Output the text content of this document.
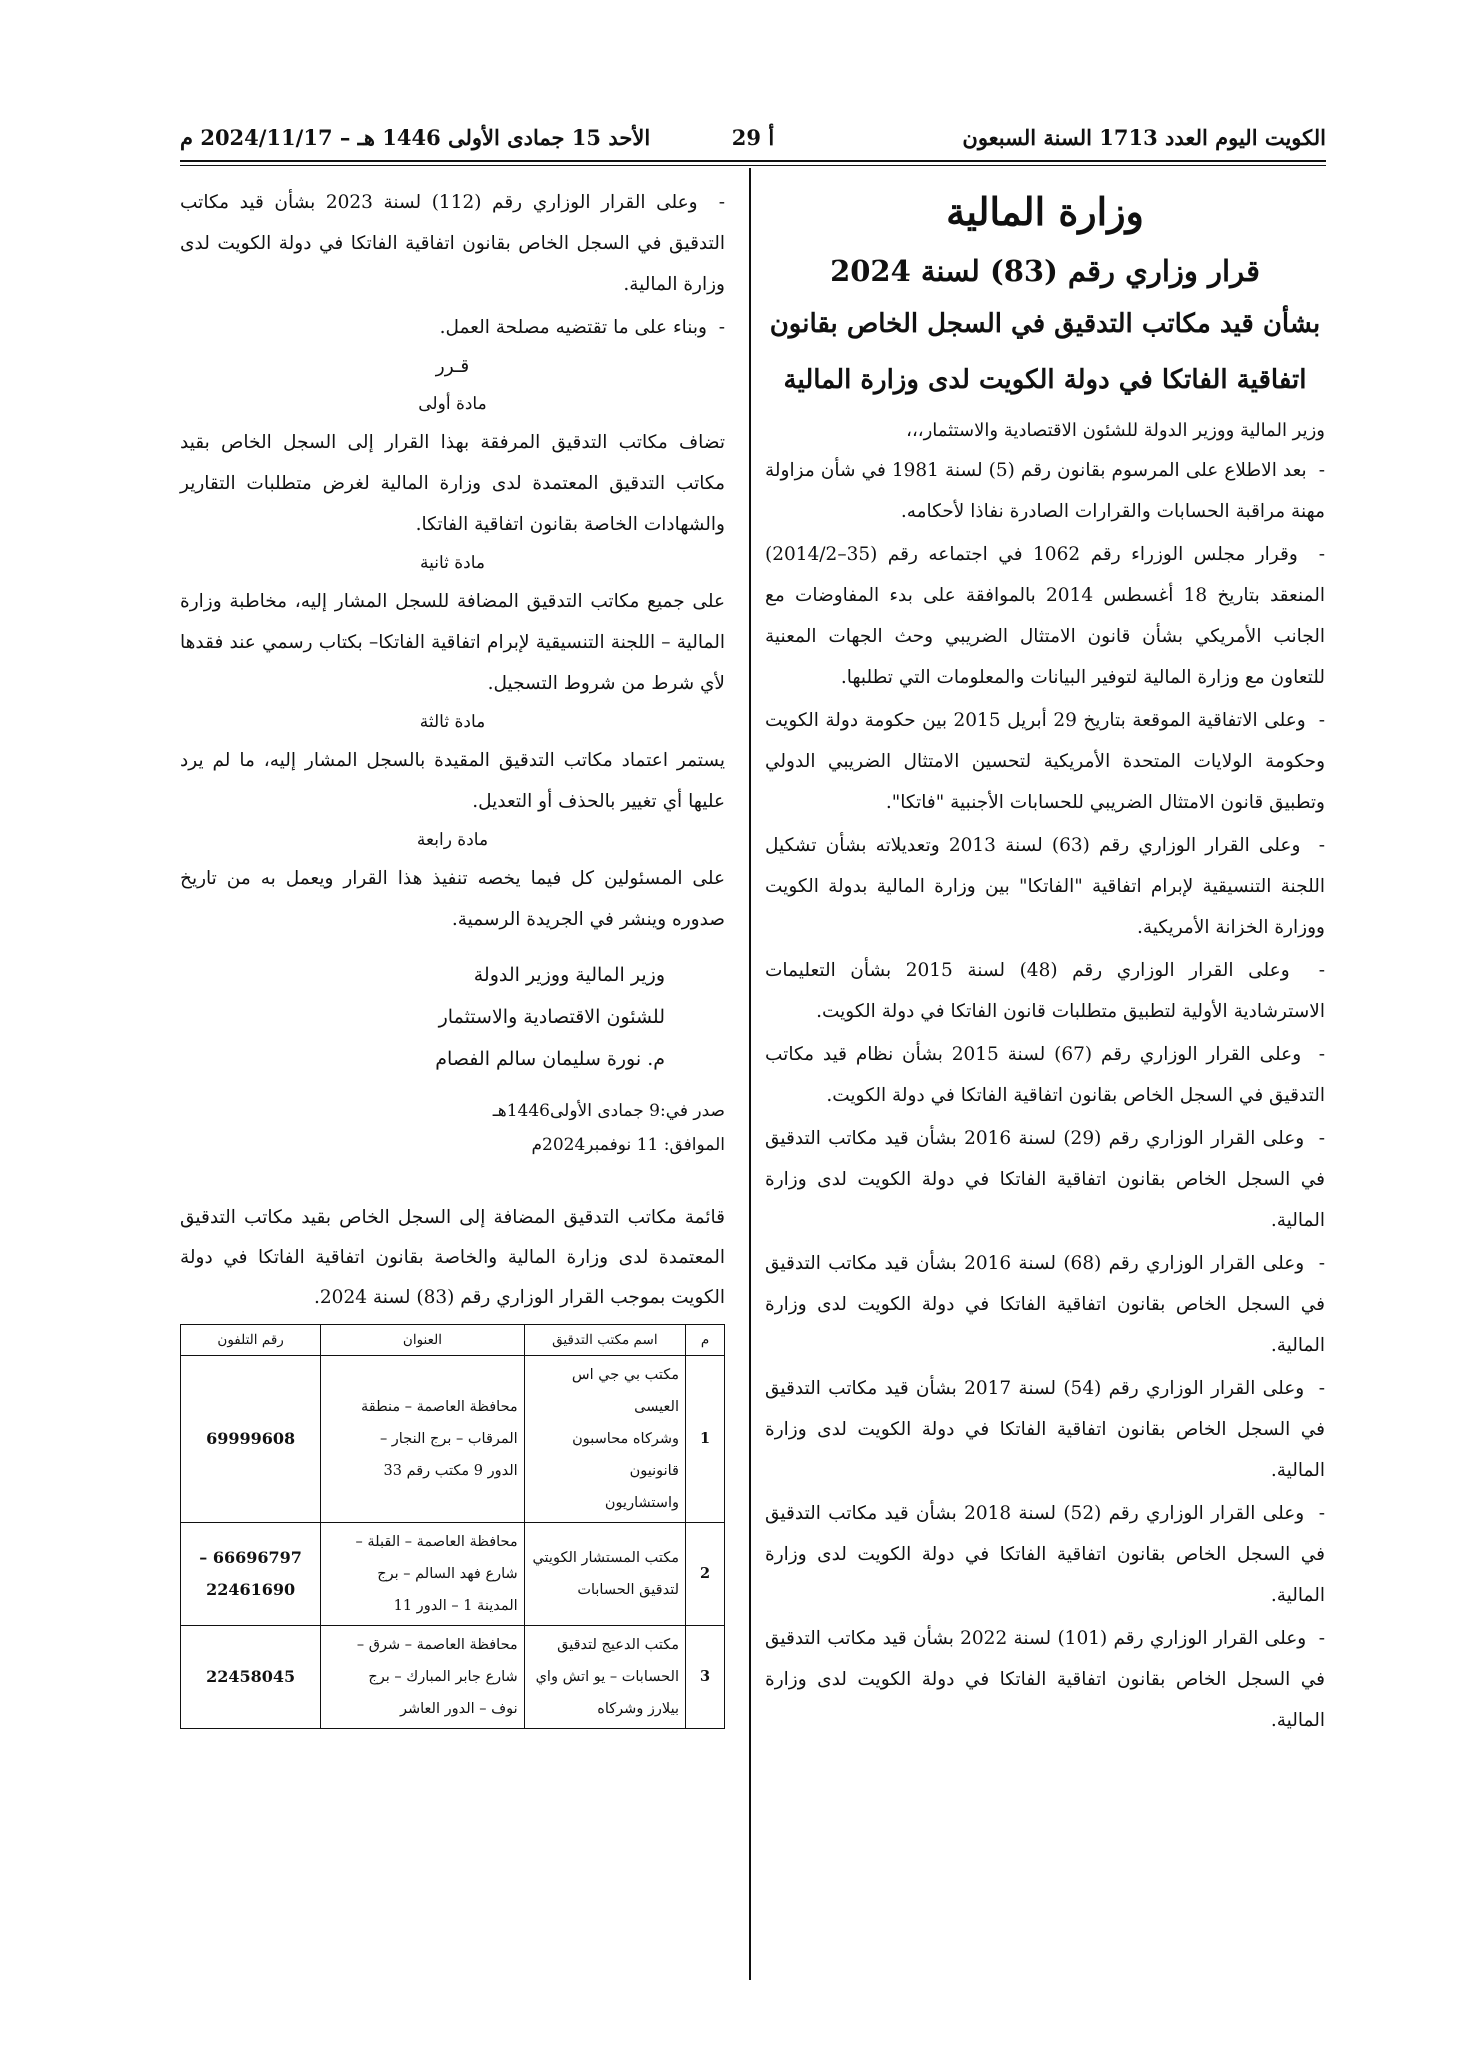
الكويت اليوم العدد 1713 السنة السبعون
أ 29
الأحد 15 جمادى الأولى 1446 هـ – 2024/11/17 م
وزارة المالية
قرار وزاري رقم (83) لسنة 2024
بشأن قيد مكاتب التدقيق في السجل الخاص بقانون
اتفاقية الفاتكا في دولة الكويت لدى وزارة المالية

وزير المالية ووزير الدولة للشئون الاقتصادية والاستثمار،،،

-  بعد الاطلاع على المرسوم بقانون رقم (5) لسنة 1981 في شأن مزاولة مهنة مراقبة الحسابات والقرارات الصادرة نفاذا لأحكامه.

-  وقرار مجلس الوزراء رقم 1062 في اجتماعه رقم (35–2014/2) المنعقد بتاريخ 18 أغسطس 2014 بالموافقة على بدء المفاوضات مع الجانب الأمريكي بشأن قانون الامتثال الضريبي وحث الجهات المعنية للتعاون مع وزارة المالية لتوفير البيانات والمعلومات التي تطلبها.

-  وعلى الاتفاقية الموقعة بتاريخ 29 أبريل 2015 بين حكومة دولة الكويت وحكومة الولايات المتحدة الأمريكية لتحسين الامتثال الضريبي الدولي وتطبيق قانون الامتثال الضريبي للحسابات الأجنبية "فاتكا".

-  وعلى القرار الوزاري رقم (63) لسنة 2013 وتعديلاته بشأن تشكيل اللجنة التنسيقية لإبرام اتفاقية "الفاتكا" بين وزارة المالية بدولة الكويت ووزارة الخزانة الأمريكية.

-  وعلى القرار الوزاري رقم (48) لسنة 2015 بشأن التعليمات الاسترشادية الأولية لتطبيق متطلبات قانون الفاتكا في دولة الكويت.

-  وعلى القرار الوزاري رقم (67) لسنة 2015 بشأن نظام قيد مكاتب التدقيق في السجل الخاص بقانون اتفاقية الفاتكا في دولة الكويت.

-  وعلى القرار الوزاري رقم (29) لسنة 2016 بشأن قيد مكاتب التدقيق في السجل الخاص بقانون اتفاقية الفاتكا في دولة الكويت لدى وزارة المالية.

-  وعلى القرار الوزاري رقم (68) لسنة 2016 بشأن قيد مكاتب التدقيق في السجل الخاص بقانون اتفاقية الفاتكا في دولة الكويت لدى وزارة المالية.

-  وعلى القرار الوزاري رقم (54) لسنة 2017 بشأن قيد مكاتب التدقيق في السجل الخاص بقانون اتفاقية الفاتكا في دولة الكويت لدى وزارة المالية.

-  وعلى القرار الوزاري رقم (52) لسنة 2018 بشأن قيد مكاتب التدقيق في السجل الخاص بقانون اتفاقية الفاتكا في دولة الكويت لدى وزارة المالية.

-  وعلى القرار الوزاري رقم (101) لسنة 2022 بشأن قيد مكاتب التدقيق في السجل الخاص بقانون اتفاقية الفاتكا في دولة الكويت لدى وزارة المالية.

-  وعلى القرار الوزاري رقم (112) لسنة 2023 بشأن قيد مكاتب التدقيق في السجل الخاص بقانون اتفاقية الفاتكا في دولة الكويت لدى وزارة المالية.

-  وبناء على ما تقتضيه مصلحة العمل.

قـرر

مادة أولى

تضاف مكاتب التدقيق المرفقة بهذا القرار إلى السجل الخاص بقيد مكاتب التدقيق المعتمدة لدى وزارة المالية لغرض متطلبات التقارير والشهادات الخاصة بقانون اتفاقية الفاتكا.

مادة ثانية

على جميع مكاتب التدقيق المضافة للسجل المشار إليه، مخاطبة وزارة المالية – اللجنة التنسيقية لإبرام اتفاقية الفاتكا– بكتاب رسمي عند فقدها لأي شرط من شروط التسجيل.

مادة ثالثة

يستمر اعتماد مكاتب التدقيق المقيدة بالسجل المشار إليه، ما لم يرد عليها أي تغيير بالحذف أو التعديل.

مادة رابعة

على المسئولين كل فيما يخصه تنفيذ هذا القرار ويعمل به من تاريخ صدوره وينشر في الجريدة الرسمية.

وزير المالية ووزير الدولة

للشئون الاقتصادية والاستثمار

م. نورة سليمان سالم الفصام

صدر في:9 جمادى الأولى1446هـ

الموافق: 11 نوفمبر2024م

قائمة مكاتب التدقيق المضافة إلى السجل الخاص بقيد مكاتب التدقيق المعتمدة لدى وزارة المالية والخاصة بقانون اتفاقية الفاتكا في دولة الكويت بموجب القرار الوزاري رقم (83) لسنة 2024.

م	اسم مكتب التدقيق	العنوان	رقم التلفون
1	مكتب بي جي اس العيسى
وشركاه محاسبون قانونيون
واستشاريون	محافظة العاصمة – منطقة
المرقاب – برج النجار –
الدور 9 مكتب رقم 33	69999608
2	مكتب المستشار الكويتي
لتدقيق الحسابات	محافظة العاصمة – القبلة –
شارع فهد السالم – برج
المدينة 1 – الدور 11	66696797 –
22461690
3	مكتب الدعيج لتدقيق
الحسابات – يو اتش واي
بيلارز وشركاه	محافظة العاصمة – شرق –
شارع جابر المبارك – برج
نوف – الدور العاشر	22458045
